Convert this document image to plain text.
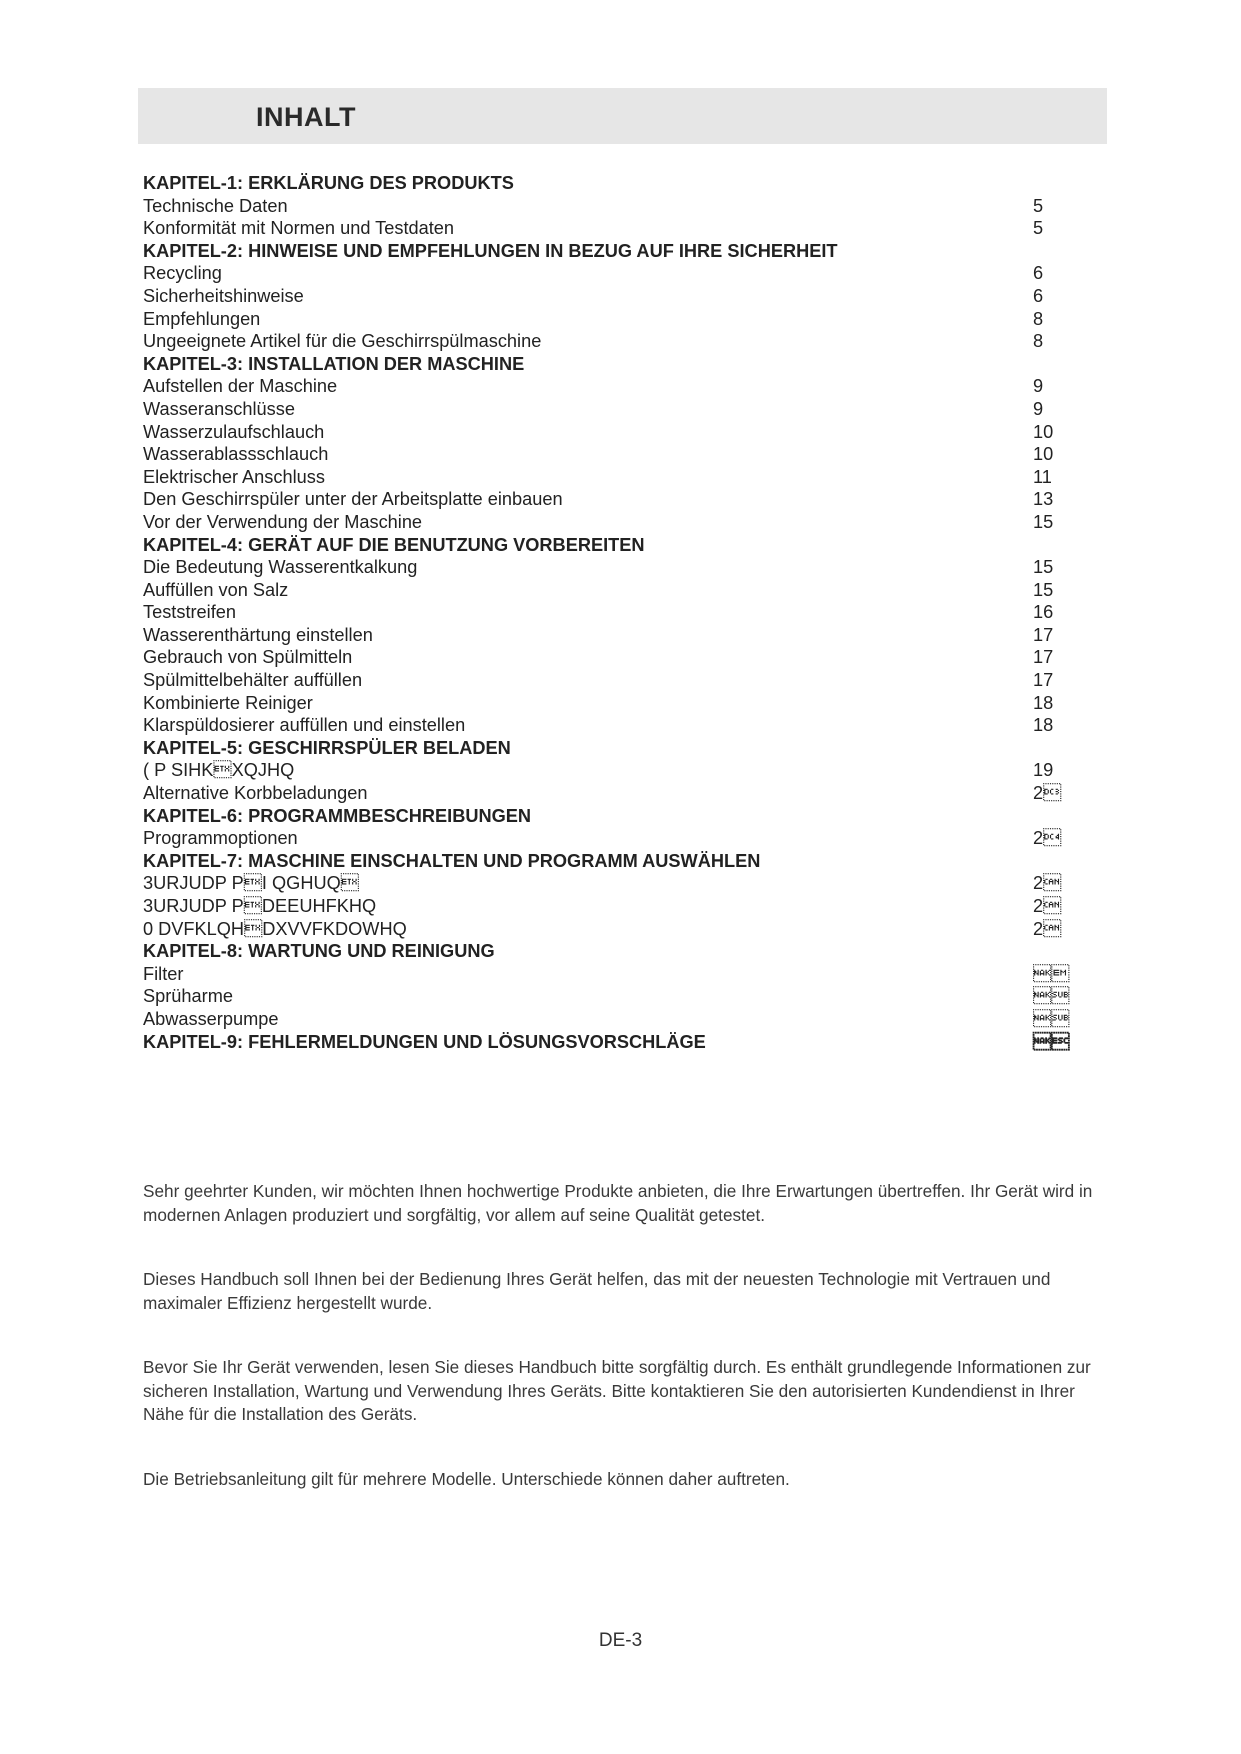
INHALT
KAPITEL-1: ERKLÄRUNG DES PRODUKTS
Technische Daten	5
Konformität mit Normen und Testdaten	5
KAPITEL-2: HINWEISE UND EMPFEHLUNGEN IN BEZUG AUF IHRE SICHERHEIT
Recycling	6
Sicherheitshinweise	6
Empfehlungen	8
Ungeeignete Artikel für die Geschirrspülmaschine	8
KAPITEL-3: INSTALLATION DER MASCHINE
Aufstellen der Maschine	9
Wasseranschlüsse	9
Wasserzulaufschlauch	10
Wasserablassschlauch	10
Elektrischer Anschluss	11
Den Geschirrspüler unter der Arbeitsplatte einbauen	13
Vor der Verwendung der Maschine	15
KAPITEL-4: GERÄT AUF DIE BENUTZUNG VORBEREITEN
Die Bedeutung Wasserentkalkung	15
Auffüllen von Salz	15
Teststreifen	16
Wasserenthärtung einstellen	17
Gebrauch von Spülmitteln	17
Spülmittelbehälter auffüllen	17
Kombinierte Reiniger	18
Klarspüldosierer auffüllen und einstellen	18
KAPITEL-5: GESCHIRRSPÜLER BELADEN
( P SIHKXQJHQ	19
Alternative Korbbeladungen	2
KAPITEL-6: PROGRAMMBESCHREIBUNGEN
Programmoptionen	2
KAPITEL-7: MASCHINE EINSCHALTEN UND PROGRAMM AUSWÄHLEN
3URJUDP PI QGHUQ	2
3URJUDP PDEEUHFKHQ	2
0 DVFKLQHDXVVFKDOWHQ	2
KAPITEL-8: WARTUNG UND REINIGUNG
Filter	
Sprüharme	
Abwasserpumpe	
KAPITEL-9: FEHLERMELDUNGEN UND LÖSUNGSVORSCHLÄGE	

Sehr geehrter Kunden, wir möchten Ihnen hochwertige Produkte anbieten, die Ihre Erwartungen übertreffen. Ihr Gerät wird in modernen Anlagen produziert und sorgfältig, vor allem auf seine Qualität getestet.

Dieses Handbuch soll Ihnen bei der Bedienung Ihres Gerät helfen, das mit der neuesten Technologie mit Vertrauen und maximaler Effizienz hergestellt wurde.

Bevor Sie Ihr Gerät verwenden, lesen Sie dieses Handbuch bitte sorgfältig durch. Es enthält grundlegende Informationen zur sicheren Installation, Wartung und Verwendung Ihres Geräts. Bitte kontaktieren Sie den autorisierten Kundendienst in Ihrer Nähe für die Installation des Geräts.

Die Betriebsanleitung gilt für mehrere Modelle. Unterschiede können daher auftreten.

DE-3
